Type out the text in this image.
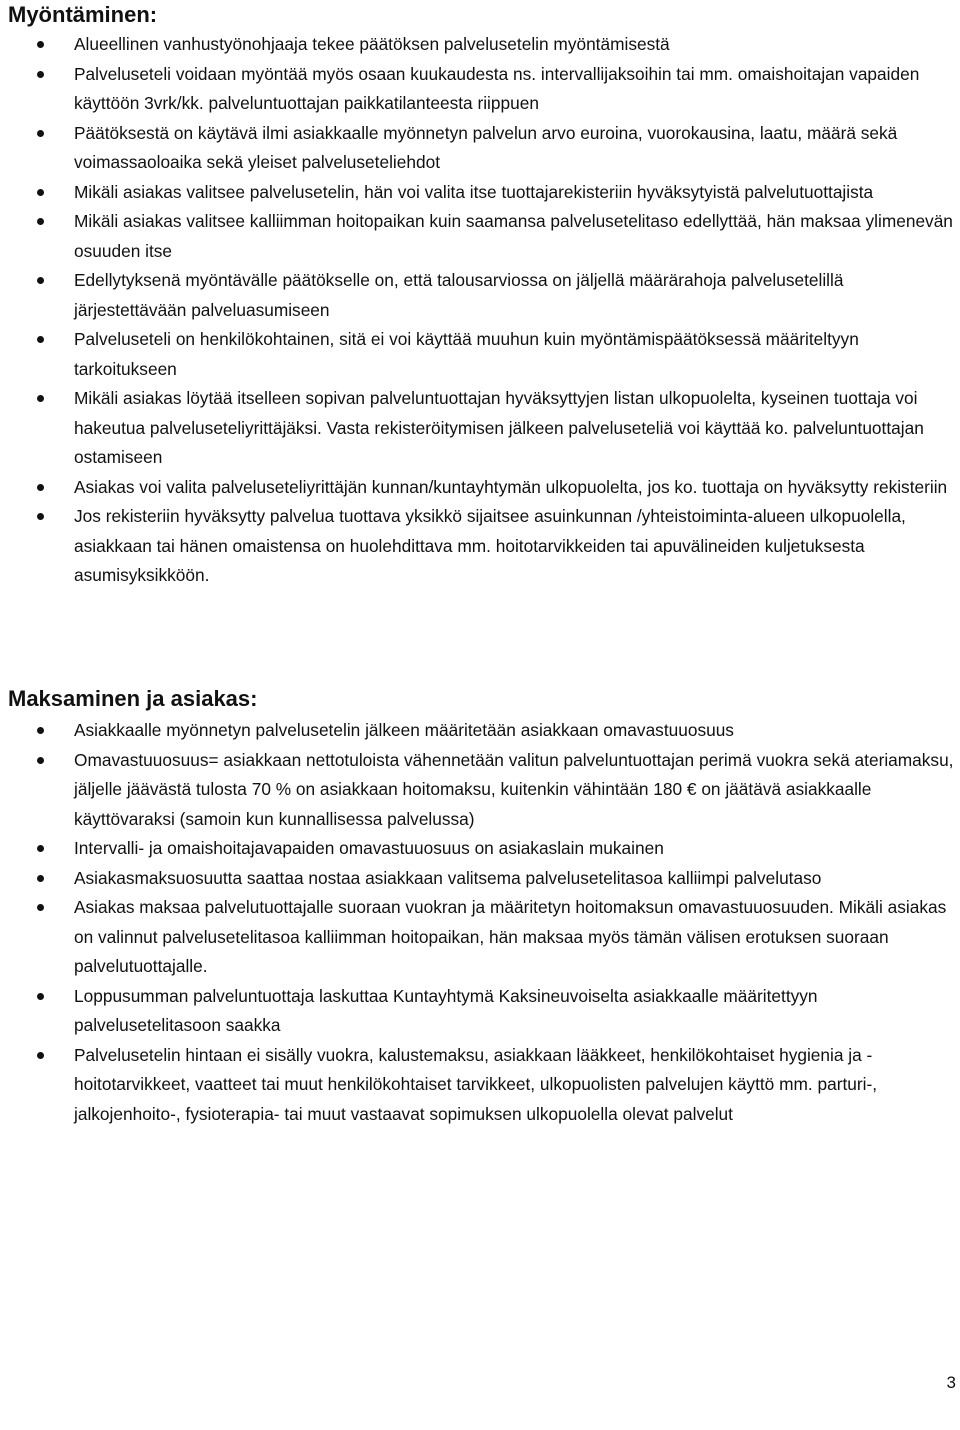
Myöntäminen:
Alueellinen vanhustyönohjaaja tekee päätöksen palvelusetelin myöntämisestä
Palveluseteli voidaan myöntää myös osaan kuukaudesta ns. intervallijaksoihin tai mm. omaishoitajan vapaiden käyttöön 3vrk/kk. palveluntuottajan paikkatilanteesta riippuen
Päätöksestä on käytävä ilmi asiakkaalle myönnetyn palvelun arvo euroina, vuorokausina, laatu, määrä sekä voimassaoloaika sekä yleiset palveluseteliehdot
Mikäli asiakas valitsee palvelusetelin, hän voi valita itse tuottajarekisteriin hyväksytyistä palvelutuottajista
Mikäli asiakas valitsee kalliimman hoitopaikan kuin saamansa palvelusetelitaso edellyttää, hän maksaa ylimenevän osuuden itse
Edellytyksenä myöntävälle päätökselle on, että talousarviossa on jäljellä määrärahoja palvelusetelillä järjestettävään palveluasumiseen
Palveluseteli on henkilökohtainen, sitä ei voi käyttää muuhun kuin myöntämispäätöksessä määriteltyyn tarkoitukseen
Mikäli asiakas löytää itselleen sopivan palveluntuottajan hyväksyttyjen listan ulkopuolelta, kyseinen tuottaja voi hakeutua palveluseteliyrittäjäksi. Vasta rekisteröitymisen jälkeen palveluseteliä voi käyttää ko. palveluntuottajan ostamiseen
Asiakas voi valita palveluseteliyrittäjän kunnan/kuntayhtymän ulkopuolelta, jos ko. tuottaja on hyväksytty rekisteriin
Jos rekisteriin hyväksytty palvelua tuottava yksikkö sijaitsee asuinkunnan /yhteistoiminta-alueen ulkopuolella, asiakkaan tai hänen omaistensa on huolehdittava mm. hoitotarvikkeiden tai apuvälineiden kuljetuksesta asumisyksikköön.
Maksaminen ja asiakas:
Asiakkaalle myönnetyn palvelusetelin jälkeen määritetään asiakkaan omavastuuosuus
Omavastuuosuus= asiakkaan nettotuloista vähennetään valitun palveluntuottajan perimä vuokra sekä ateriamaksu, jäljelle jäävästä tulosta 70 % on asiakkaan hoitomaksu, kuitenkin vähintään 180 € on jäätävä asiakkaalle käyttövaraksi (samoin kun kunnallisessa palvelussa)
Intervalli- ja omaishoitajavapaiden omavastuuosuus on asiakaslain mukainen
Asiakasmaksuosuutta saattaa nostaa asiakkaan valitsema palvelusetelitasoa kalliimpi palvelutaso
Asiakas maksaa palvelutuottajalle suoraan vuokran ja määritetyn hoitomaksun omavastuuosuuden. Mikäli asiakas on valinnut palvelusetelitasoa kalliimman hoitopaikan, hän maksaa myös tämän välisen erotuksen suoraan palvelutuottajalle.
Loppusumman palveluntuottaja laskuttaa Kuntayhtymä Kaksineuvoiselta asiakkaalle määritettyyn palvelusetelitasoon saakka
Palvelusetelin hintaan ei sisälly vuokra, kalustemaksu, asiakkaan lääkkeet, henkilökohtaiset hygienia ja -hoitotarvikkeet, vaatteet tai muut henkilökohtaiset tarvikkeet, ulkopuolisten palvelujen käyttö mm. parturi-, jalkojenhoito-, fysioterapia- tai muut vastaavat sopimuksen ulkopuolella olevat palvelut
3
